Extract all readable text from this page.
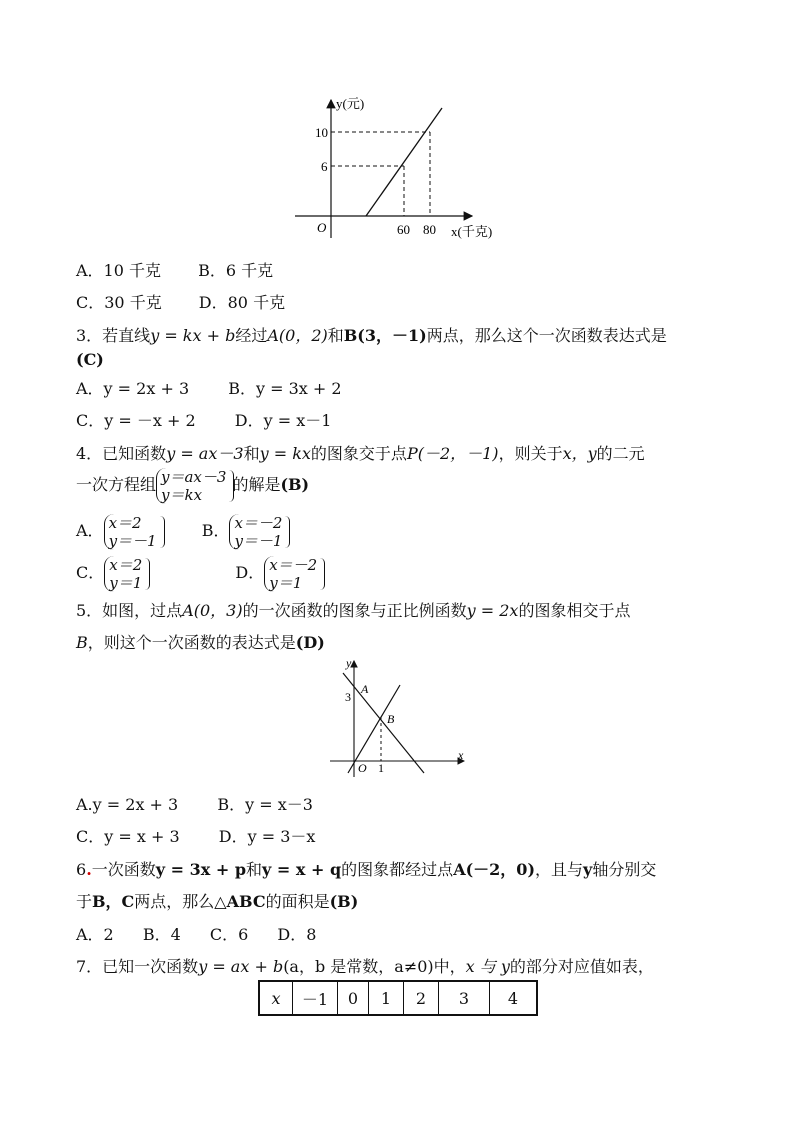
y(元)
10
6
O	60 80 x(千克)
A．10 千克 B．6 千克
C．30 千克 D．80 千克
3．若直线y = kx + b经过A(0，2)和B(3，－1)两点，那么这个一次函数表达式是
(C)
A．y = 2x + 3 B．y = 3x + 2
C．y = －x + 2 D．y = x－1
4．已知函数y = ax－3和y = kx的图象交于点P(－2，－1)，则关于x，y的二元
一次方程组 y＝ax－3
y＝kx
的解是(B)
A． x＝2
y＝－1
B． x＝－2
y＝－1
C． x＝2
y＝1
D． x＝－2
y＝1
5．如图，过点A(0，3)的一次函数的图象与正比例函数y = 2x的图象相交于点
B，则这个一次函数的表达式是(D)
y
A
3
B
O 1
x
A.y = 2x + 3 B．y = x－3
C．y = x + 3 D．y = 3－x
6.一次函数y = 3x + p和y = x + q的图象都经过点A(－2，0)，且与y轴分别交
于B，C两点，那么△ABC的面积是(B)
A．2 B．4 C．6 D．8
7．已知一次函数y = ax + b(a，b 是常数，a≠0)中，x 与 y的部分对应值如表，
x	－1	0	1	2	3	4
